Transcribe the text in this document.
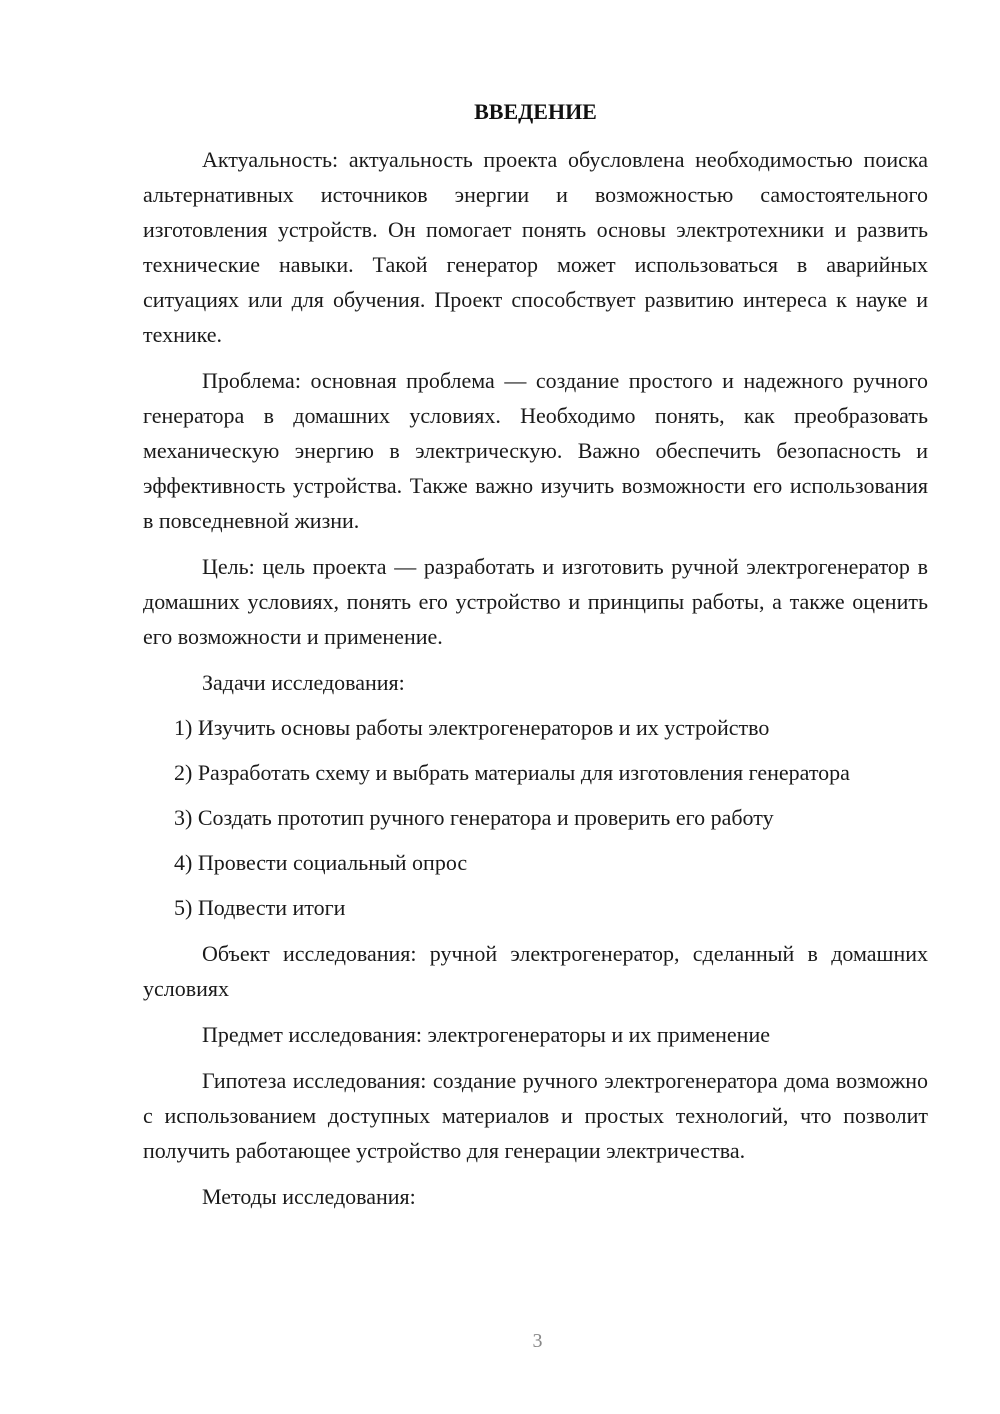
ВВЕДЕНИЕ

Актуальность: актуальность проекта обусловлена необходимостью поиска альтернативных источников энергии и возможностью самостоятельного изготовления устройств. Он помогает понять основы электротехники и развить технические навыки. Такой генератор может использоваться в аварийных ситуациях или для обучения. Проект способствует развитию интереса к науке и технике.

Проблема: основная проблема — создание простого и надежного ручного генератора в домашних условиях. Необходимо понять, как преобразовать механическую энергию в электрическую. Важно обеспечить безопасность и эффективность устройства. Также важно изучить возможности его использования в повседневной жизни.

Цель: цель проекта — разработать и изготовить ручной электрогенератор в домашних условиях, понять его устройство и принципы работы, а также оценить его возможности и применение.

Задачи исследования:

1) Изучить основы работы электрогенераторов и их устройство

2) Разработать схему и выбрать материалы для изготовления генератора

3) Создать прототип ручного генератора и проверить его работу

4) Провести социальный опрос

5) Подвести итоги

Объект исследования: ручной электрогенератор, сделанный в домашних условиях

Предмет исследования: электрогенераторы и их применение

Гипотеза исследования: создание ручного электрогенератора дома возможно с использованием доступных материалов и простых технологий, что позволит получить работающее устройство для генерации электричества.

Методы исследования:

3
